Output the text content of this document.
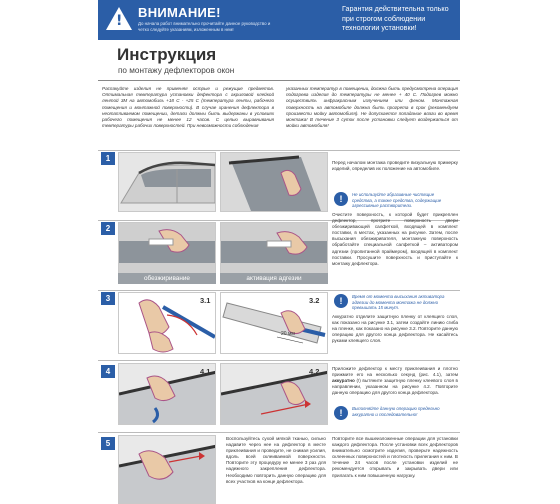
!
ВНИМАНИЕ!
До начала работ внимательно прочитайте данное руководство и четко следуйте указаниям, изложенным в нем!
Гарантия действительна только при строгом соблюдении технологии установки!
+25
+18
Инструкция
по монтажу дефлекторов окон
Распакуйте изделия не применяя острые и режущие предметов. Оптимальная температура установки дефектора с акриловой клейкой лентой 3М на автомобиль +18 С - +25 С (температура ленты, рабочего помещения и монтажной поверхности). В случае хранения дефлектора в неотапливаемом помещении, детали должны быть выдержаны в условиях рабочего помещения не менее 12 часов. С целью выравнивания температуры рабочих поверхностей. При невозможности соблюдения
указанных температур в помещении, должна быть предусмотрена операция подогрева изделия до температуры не менее + 40 С. Подогрев можно осуществить инфракрасным излучением или феном. Монтажная поверхность на автомобиле должна быть прогрета в срок (рекомендуем произвести мойку автомобиля). Не допускается попадание влаги во время монтажа! В течение 3 суток после установки следует воздержаться от мойки автомобиля!
1	Перед началом монтажа проведите визуальную примерку изделий, определив их положение на автомобиле.
2
обезжиривание	активация адгезии
!	Не используйте абразивные чистящие средства, а также средства, содержащие агрессивные растворители.
Очистите поверхность, к которой будет прикреплен дефлектор, протрите поверхность двери обезжиривающей салфеткой, входящей в комплект поставки, в местах, указанных на рисунке. Затем, после высыхания обезжиривателя, монтажную поверхность обработайте специальной салфеткой – активатором адгезии (пропитанной праймером), входящей в комплект поставки. Просушите поверхность и приступайте к монтажу дефлектора.
3	3.1
20 мм
3.2	!	Время от момента высыхания активатора адгезии до момента монтажа не должно превышать 15 минут.
Аккуратно отделите защитную пленку от клеящего слоя, как показано на рисунке 3.1, затем создайте линию сгиба на пленке, как показано на рисунке 3.2. Повторите данную операцию для другого конца дефлектора. Не касайтесь руками клеящего слоя.
4	4.1	4.2	Приложите дефлектор к месту приклеивания и плотно прижмите его на несколько секунд (рис. 4.1), затем аккуратно (!) вытяните защитную пленку клеевого слоя в направлении, указанном на рисунке 4.2. Повторите данную операцию для другого конца дефлектора.
!	Выполняйте данную операцию предельно аккуратно и последовательно!
5
Воспользуйтесь сухой мягкой тканью, сильно надавите через нее на дефлектор в месте приклеивания и проведите, не снимая усилия, вдоль всей склеиваемой поверхности. Повторите эту процедуру не менее 3 раз для надежного закрепления дефлектора. Необходимо повторить данную операцию для всех участков на конце дефлектора.
Повторите все вышеизложенные операции для установки каждого дефлектора. После установки всех дефлекторов внимательно осмотрите изделия, проверьте надежность склеенных поверхностей и плотность прилегания к ним. В течение 24 часов после установки изделий не рекомендуется открывать и закрывать двери или прилагать к ним повышенную нагрузку.
